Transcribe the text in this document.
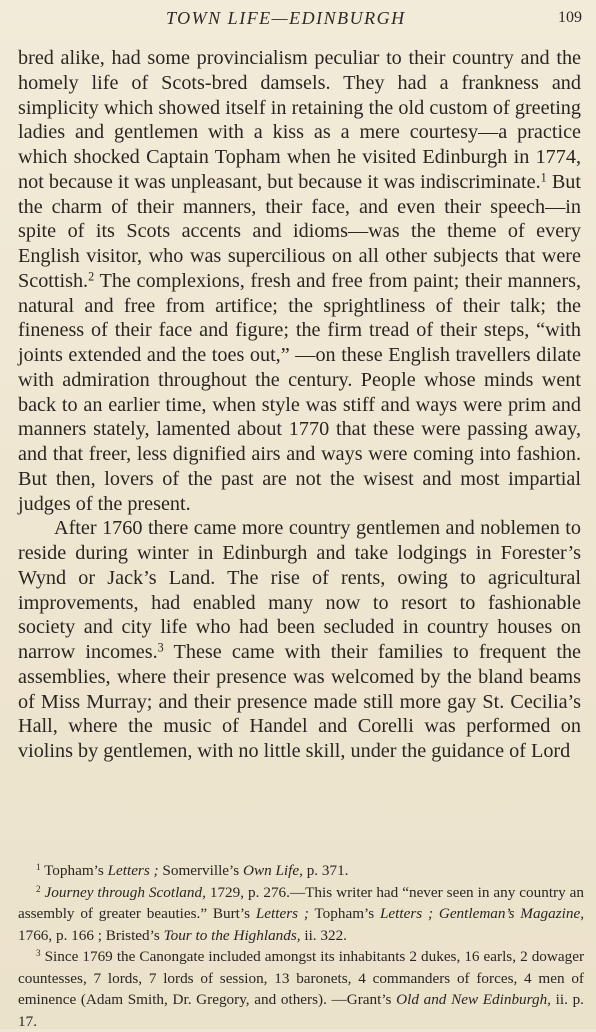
TOWN LIFE—EDINBURGH	109

bred alike, had some provincialism peculiar to their country and the homely life of Scots-bred damsels. They had a frankness and simplicity which showed itself in retaining the old custom of greeting ladies and gentlemen with a kiss as a mere courtesy—a practice which shocked Captain Topham when he visited Edinburgh in 1774, not because it was unpleasant, but because it was indiscriminate.$^1$ But the charm of their manners, their face, and even their speech—in spite of its Scots accents and idioms—was the theme of every English visitor, who was supercilious on all other subjects that were Scottish.$^2$ The complexions, fresh and free from paint; their manners, natural and free from artifice; the sprightliness of their talk; the fineness of their face and figure; the firm tread of their steps, “with joints extended and the toes out,” —on these English travellers dilate with admiration throughout the century. People whose minds went back to an earlier time, when style was stiff and ways were prim and manners stately, lamented about 1770 that these were passing away, and that freer, less dignified airs and ways were coming into fashion. But then, lovers of the past are not the wisest and most impartial judges of the present.

After 1760 there came more country gentlemen and noblemen to reside during winter in Edinburgh and take lodgings in Forester’s Wynd or Jack’s Land. The rise of rents, owing to agricultural improvements, had enabled many now to resort to fashionable society and city life who had been secluded in country houses on narrow incomes.$^3$ These came with their families to frequent the assemblies, where their presence was welcomed by the bland beams of Miss Murray; and their presence made still more gay St. Cecilia’s Hall, where the music of Handel and Corelli was performed on violins by gentlemen, with no little skill, under the guidance of Lord

$^1$ Topham’s Letters ; Somerville’s Own Life, p. 371.

$^2$ Journey through Scotland, 1729, p. 276.—This writer had “never seen in any country an assembly of greater beauties.” Burt’s Letters ; Topham’s Letters ; Gentleman’s Magazine, 1766, p. 166 ; Bristed’s Tour to the Highlands, ii. 322.

$^3$ Since 1769 the Canongate included amongst its inhabitants 2 dukes, 16 earls, 2 dowager countesses, 7 lords, 7 lords of session, 13 baronets, 4 commanders of forces, 4 men of eminence (Adam Smith, Dr. Gregory, and others). —Grant’s Old and New Edinburgh, ii. p. 17.
